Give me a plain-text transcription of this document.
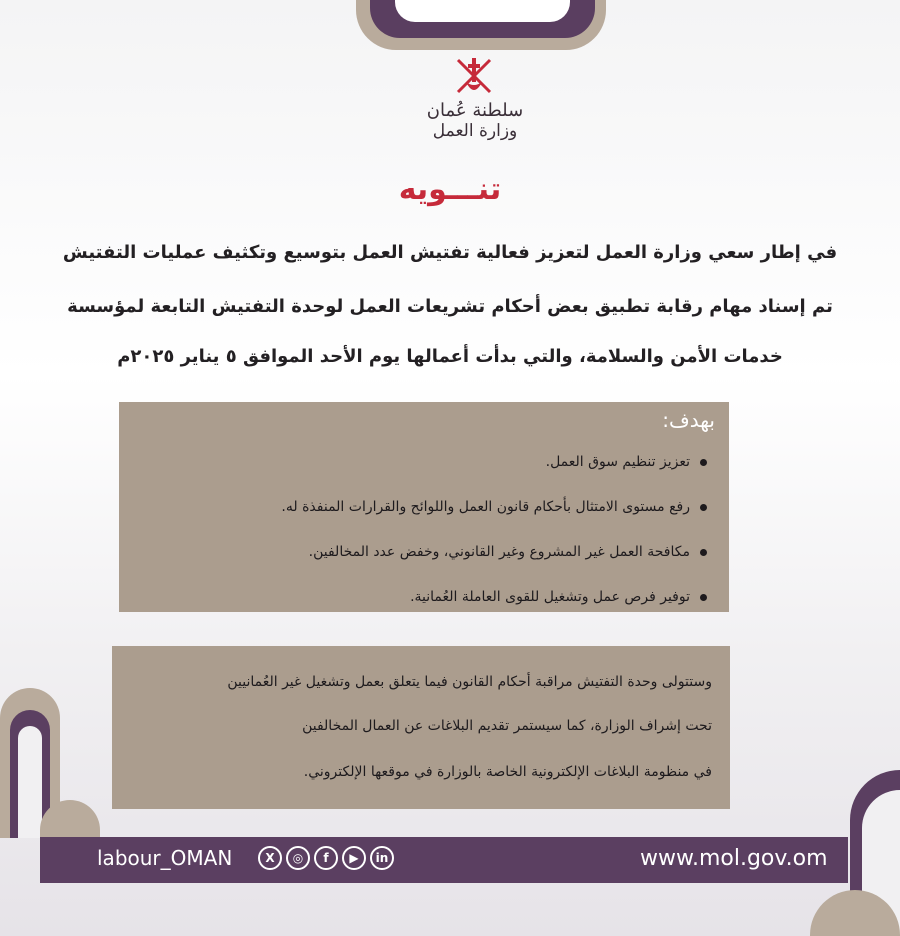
سلطنة عُمان
وزارة العمل
تنـــويه
في إطار سعي وزارة العمل لتعزيز فعالية تفتيش العمل بتوسيع وتكثيف عمليات التفتيش
تم إسناد مهام رقابة تطبيق بعض أحكام تشريعات العمل لوحدة التفتيش التابعة لمؤسسة
خدمات الأمن والسلامة، والتي بدأت أعمالها يوم الأحد الموافق ٥ يناير ٢٠٢٥م
بهدف:
تعزيز تنظيم سوق العمل.
رفع مستوى الامتثال بأحكام قانون العمل واللوائح والقرارات المنفذة له.
مكافحة العمل غير المشروع وغير القانوني، وخفض عدد المخالفين.
توفير فرص عمل وتشغيل للقوى العاملة العُمانية.
وستتولى وحدة التفتيش مراقبة أحكام القانون فيما يتعلق بعمل وتشغيل غير العُمانيين
تحت إشراف الوزارة، كما سيستمر تقديم البلاغات عن العمال المخالفين
في منظومة البلاغات الإلكترونية الخاصة بالوزارة في موقعها الإلكتروني.
labour_OMAN	X	◎	f	▶	in	www.mol.gov.om
